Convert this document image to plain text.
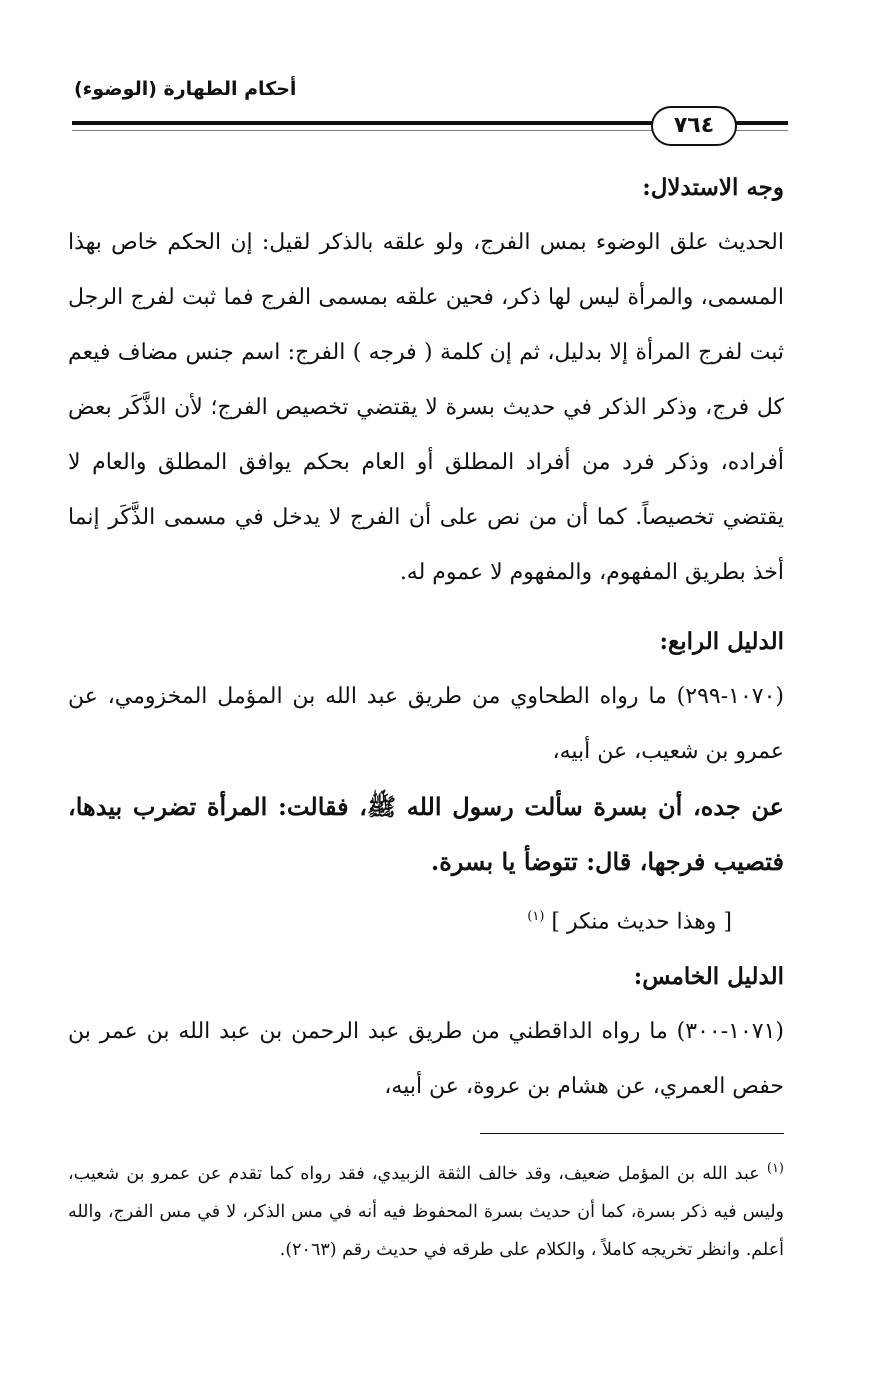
أحكام الطهارة (الوضوء)
٧٦٤

وجه الاستدلال:

الحديث علق الوضوء بمس الفرج، ولو علقه بالذكر لقيل: إن الحكم خاص بهذا المسمى، والمرأة ليس لها ذكر، فحين علقه بمسمى الفرج فما ثبت لفرج الرجل ثبت لفرج المرأة إلا بدليل، ثم إن كلمة ( فرجه ) الفرج: اسم جنس مضاف فيعم كل فرج، وذكر الذكر في حديث بسرة لا يقتضي تخصيص الفرج؛ لأن الذَّكَر بعض أفراده، وذكر فرد من أفراد المطلق أو العام بحكم يوافق المطلق والعام لا يقتضي تخصيصاً. كما أن من نص على أن الفرج لا يدخل في مسمى الذَّكَر إنما أخذ بطريق المفهوم، والمفهوم لا عموم له.

الدليل الرابع:

(١٠٧٠-٢٩٩) ما رواه الطحاوي من طريق عبد الله بن المؤمل المخزومي، عن عمرو بن شعيب، عن أبيه،

عن جده، أن بسرة سألت رسول الله ﷺ، فقالت: المرأة تضرب بيدها، فتصيب فرجها، قال: تتوضأ يا بسرة.

[ وهذا حديث منكر ] $^{(١)}$

الدليل الخامس:

(١٠٧١-٣٠٠) ما رواه الداقطني من طريق عبد الرحمن بن عبد الله بن عمر بن حفص العمري، عن هشام بن عروة، عن أبيه،

$^{(١)}$ عبد الله بن المؤمل ضعيف، وقد خالف الثقة الزبيدي، فقد رواه كما تقدم عن عمرو بن شعيب، وليس فيه ذكر بسرة، كما أن حديث بسرة المحفوظ فيه أنه في مس الذكر، لا في مس الفرج، والله أعلم. وانظر تخريجه كاملاً ، والكلام على طرقه في حديث رقم (٢٠٦٣).
